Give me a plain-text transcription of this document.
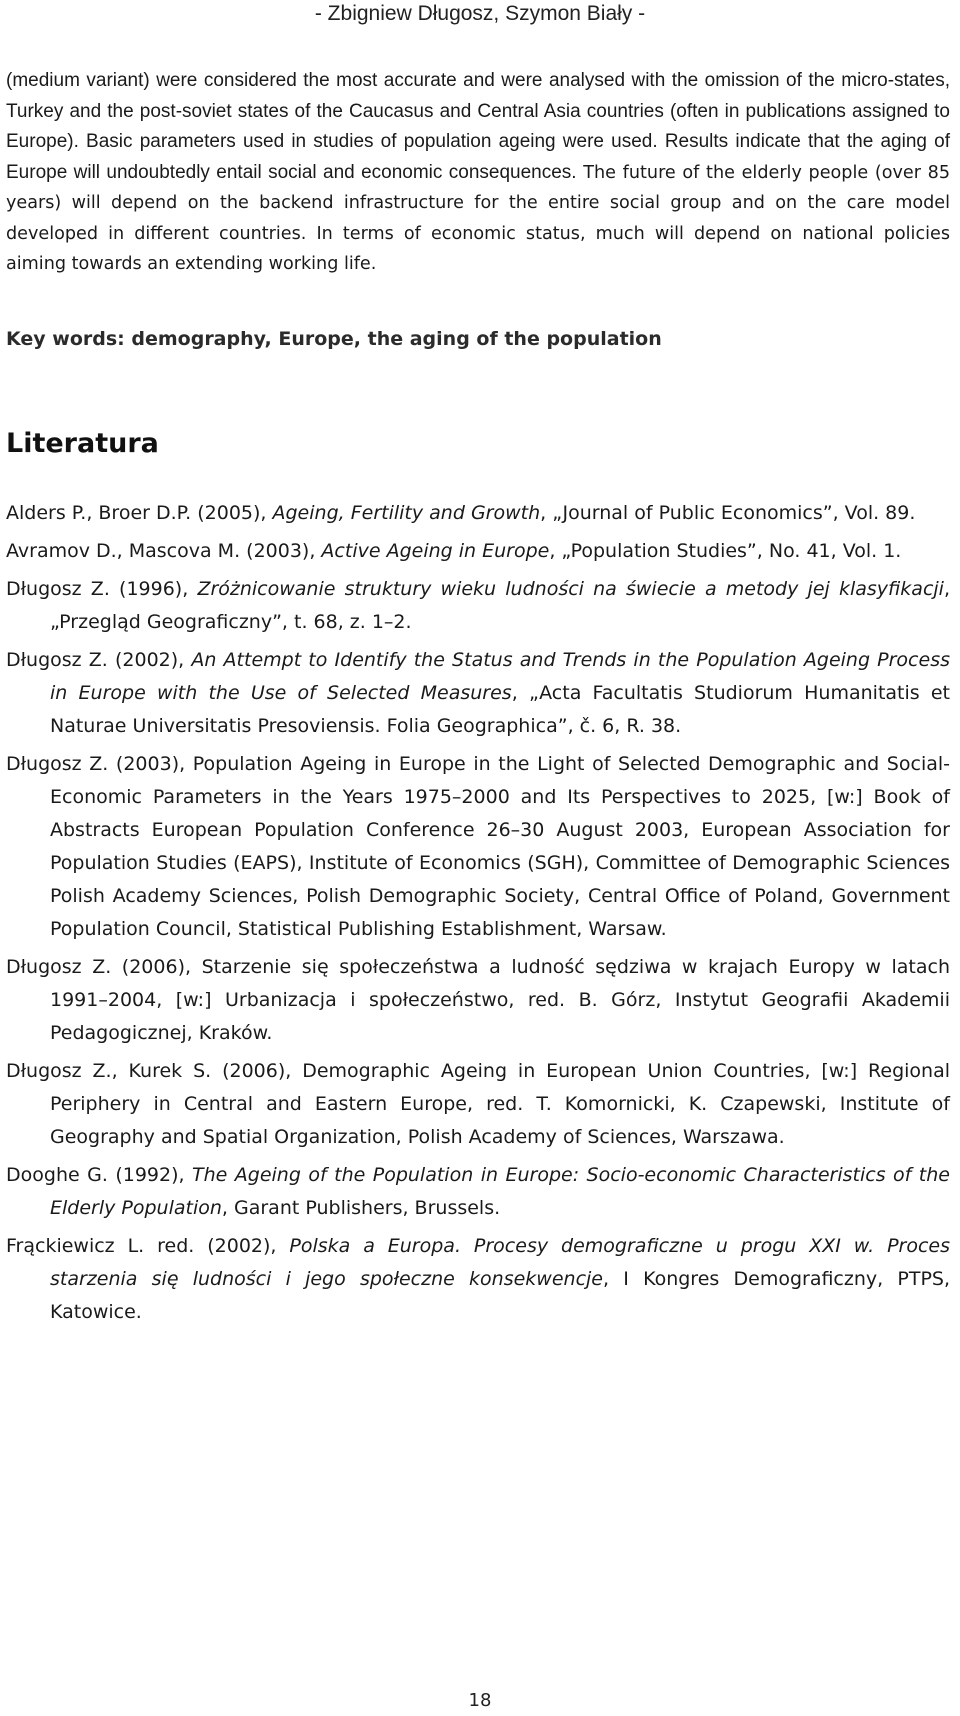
- Zbigniew Długosz, Szymon Biały -

(medium variant) were considered the most accurate and were analysed with the omission of the micro-states, Turkey and the post-soviet states of the Caucasus and Central Asia countries (often in publications assigned to Europe). Basic parameters used in studies of population ageing were used. Results indicate that the aging of Europe will undoubtedly entail social and economic consequences. The future of the elderly people (over 85 years) will depend on the backend infrastructure for the entire social group and on the care model developed in different countries. In terms of economic status, much will depend on national policies aiming towards an extending working life.

Key words: demography, Europe, the aging of the population

Literatura
Alders P., Broer D.P. (2005), Ageing, Fertility and Growth, „Journal of Public Economics”, Vol. 89.
Avramov D., Mascova M. (2003), Active Ageing in Europe, „Population Studies”, No. 41, Vol. 1.
Długosz Z. (1996), Zróżnicowanie struktury wieku ludności na świecie a metody jej klasyfikacji, „Przegląd Geograficzny”, t. 68, z. 1–2.
Długosz Z. (2002), An Attempt to Identify the Status and Trends in the Population Ageing Process in Europe with the Use of Selected Measures, „Acta Facultatis Studiorum Humanitatis et Naturae Universitatis Presoviensis. Folia Geographica”, č. 6, R. 38.
Długosz Z. (2003), Population Ageing in Europe in the Light of Selected Demographic and Social-Economic Parameters in the Years 1975–2000 and Its Perspectives to 2025, [w:] Book of Abstracts European Population Conference 26–30 August 2003, European Association for Population Studies (EAPS), Institute of Economics (SGH), Committee of Demographic Sciences Polish Academy Sciences, Polish Demographic Society, Central Office of Poland, Government Population Council, Statistical Publishing Establishment, Warsaw.
Długosz Z. (2006), Starzenie się społeczeństwa a ludność sędziwa w krajach Europy w latach 1991–2004, [w:] Urbanizacja i społeczeństwo, red. B. Górz, Instytut Geografii Akademii Pedagogicznej, Kraków.
Długosz Z., Kurek S. (2006), Demographic Ageing in European Union Countries, [w:] Regional Periphery in Central and Eastern Europe, red. T. Komornicki, K. Czapewski, Institute of Geography and Spatial Organization, Polish Academy of Sciences, Warszawa.
Dooghe G. (1992), The Ageing of the Population in Europe: Socio-economic Characteristics of the Elderly Population, Garant Publishers, Brussels.
Frąckiewicz L. red. (2002), Polska a Europa. Procesy demograficzne u progu XXI w. Proces starzenia się ludności i jego społeczne konsekwencje, I Kongres Demograficzny, PTPS, Katowice.
18
